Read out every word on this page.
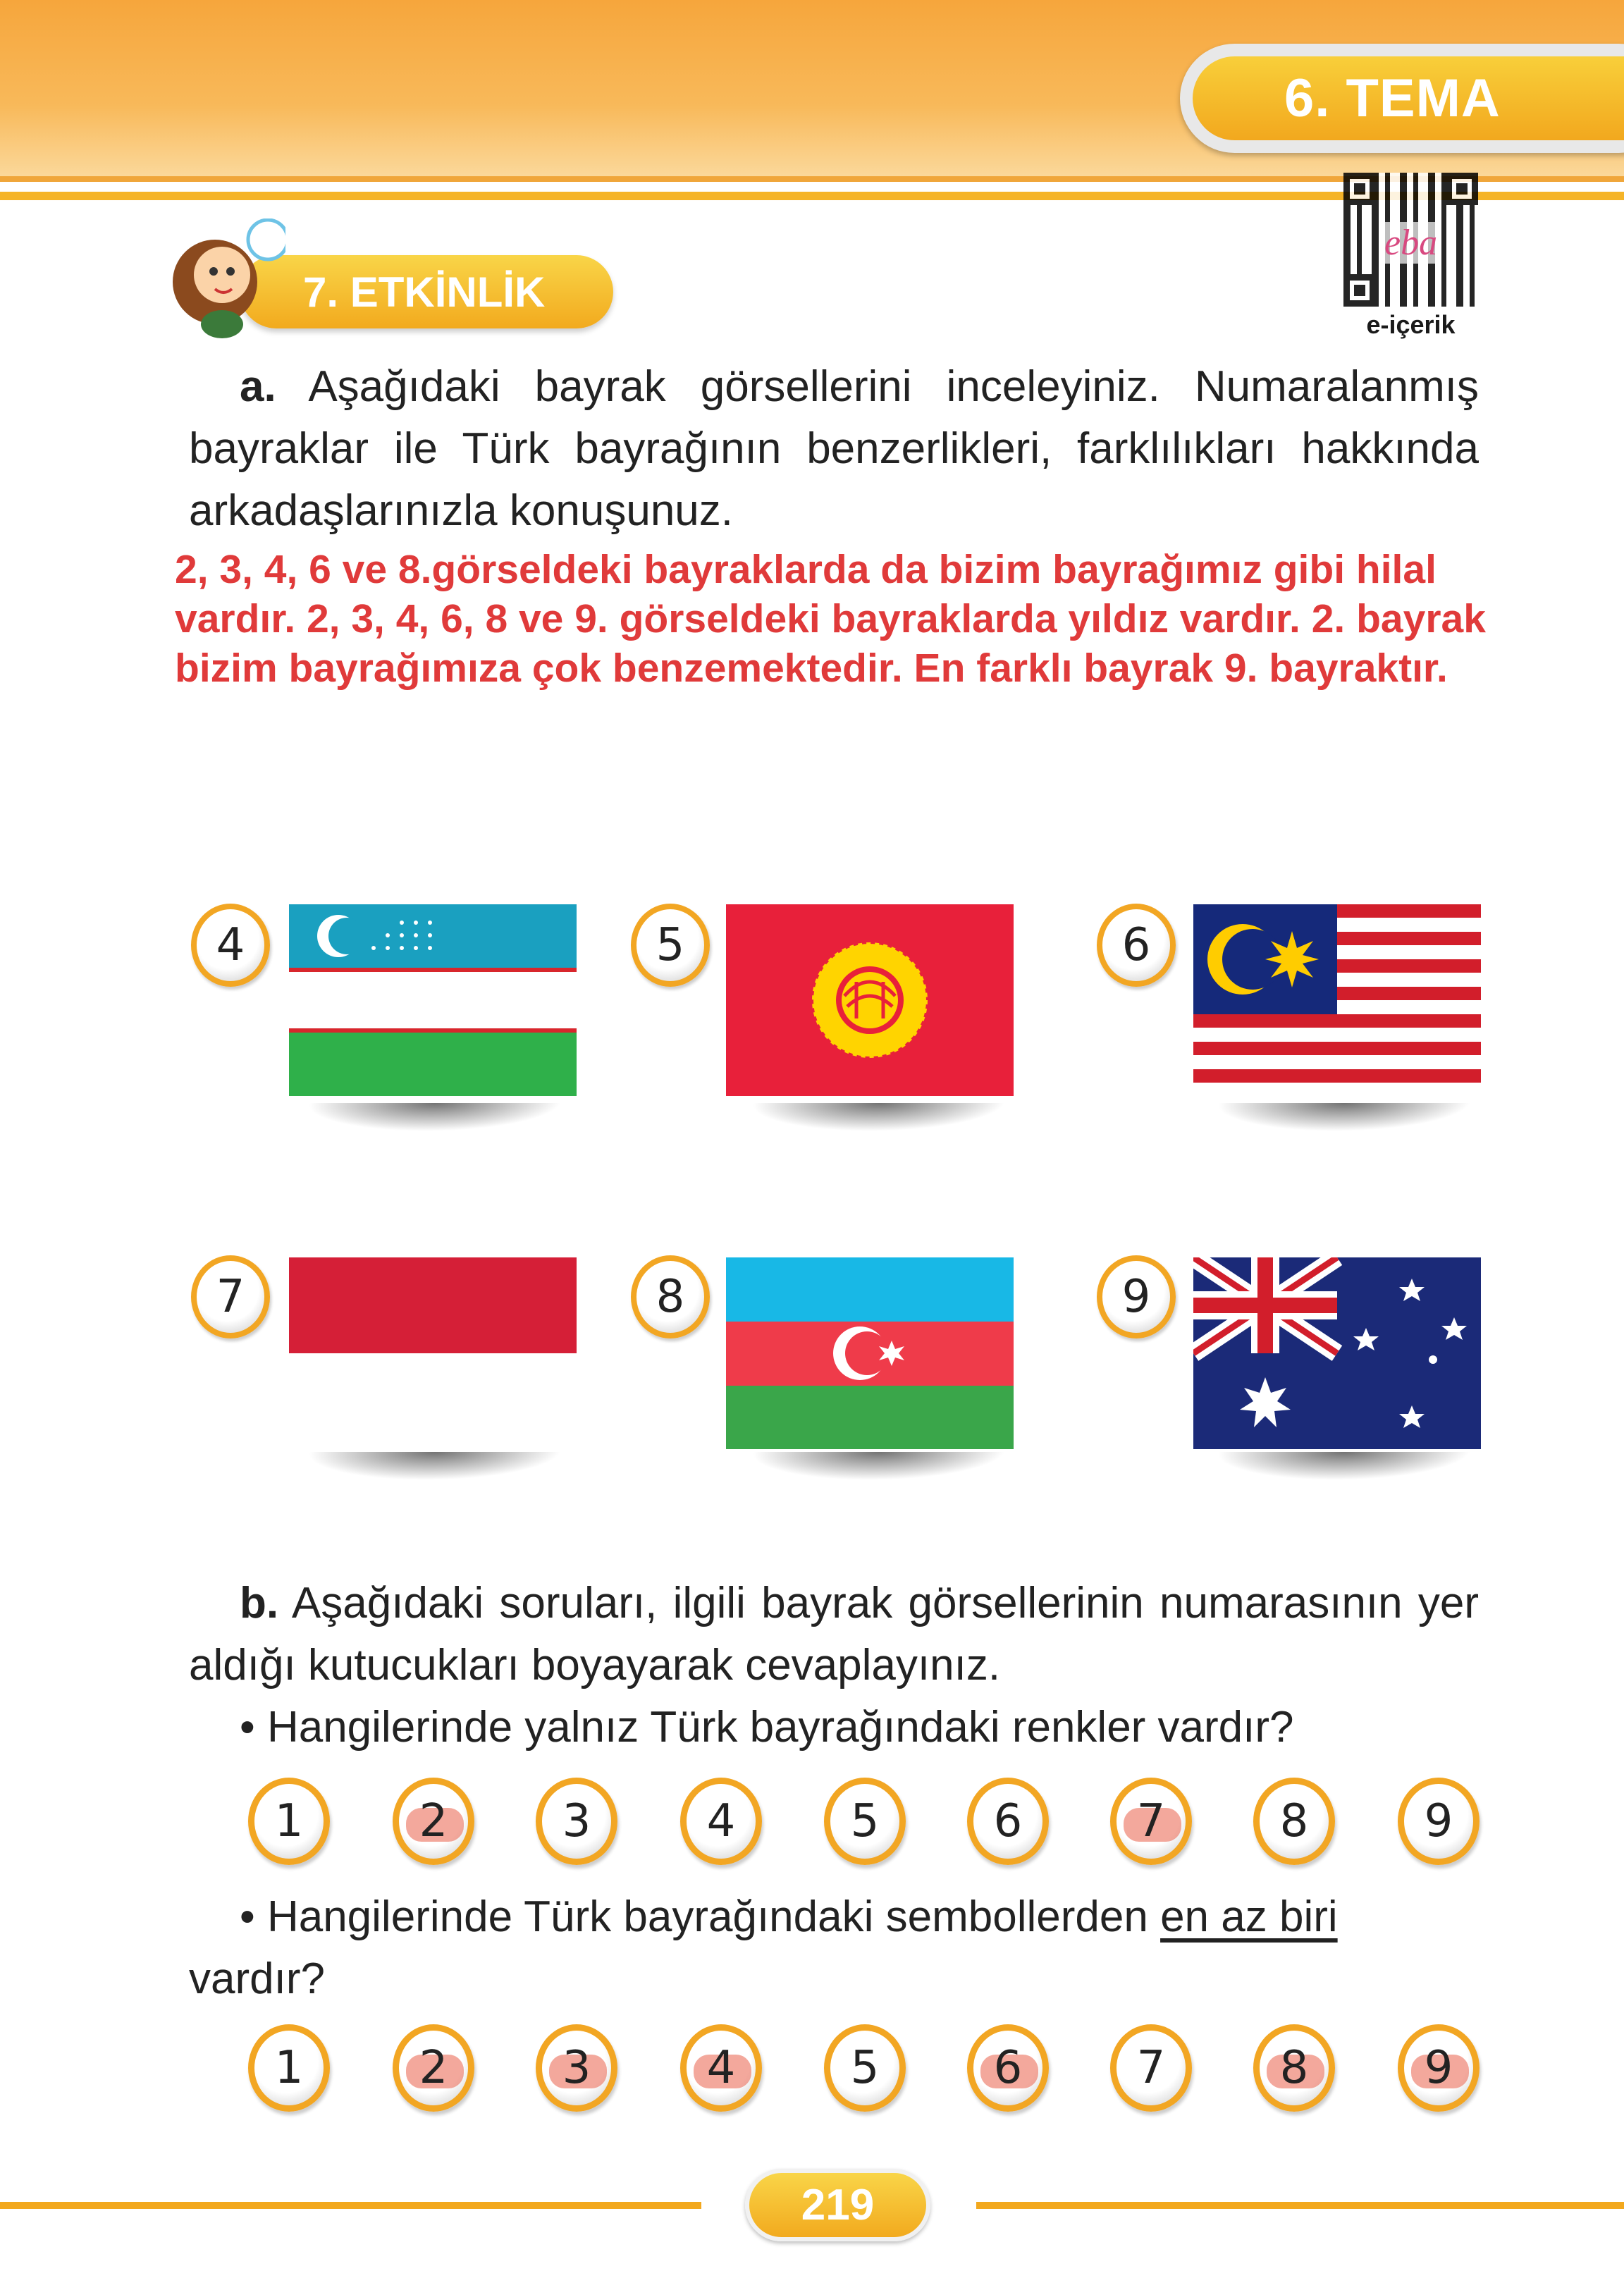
6. TEMA
eba
e-içerik
7. ETKİNLİK
a. Aşağıdaki bayrak görsellerini inceleyiniz. Numaralanmış bayraklar ile Türk bayrağının benzerlikleri, farklılıkları hakkında arkadaşlarınızla konuşunuz.
2, 3, 4, 6 ve 8.görseldeki bayraklarda da bizim bayrağımız gibi hilal vardır. 2, 3, 4, 6, 8 ve 9. görseldeki bayraklarda yıldız vardır. 2. bayrak bizim bayrağımıza çok benzemektedir. En farklı bayrak 9. bayraktır.
4	5	6
7	8	9
b. Aşağıdaki soruları, ilgili bayrak görsellerinin numarasının yer aldığı kutucukları boyayarak cevaplayınız.
• Hangilerinde yalnız Türk bayrağındaki renkler vardır?
1	2	3	4	5	6	7	8	9
• Hangilerinde Türk bayrağındaki sembollerden en az biri vardır?
1	2	3	4	5	6	7	8	9
219
